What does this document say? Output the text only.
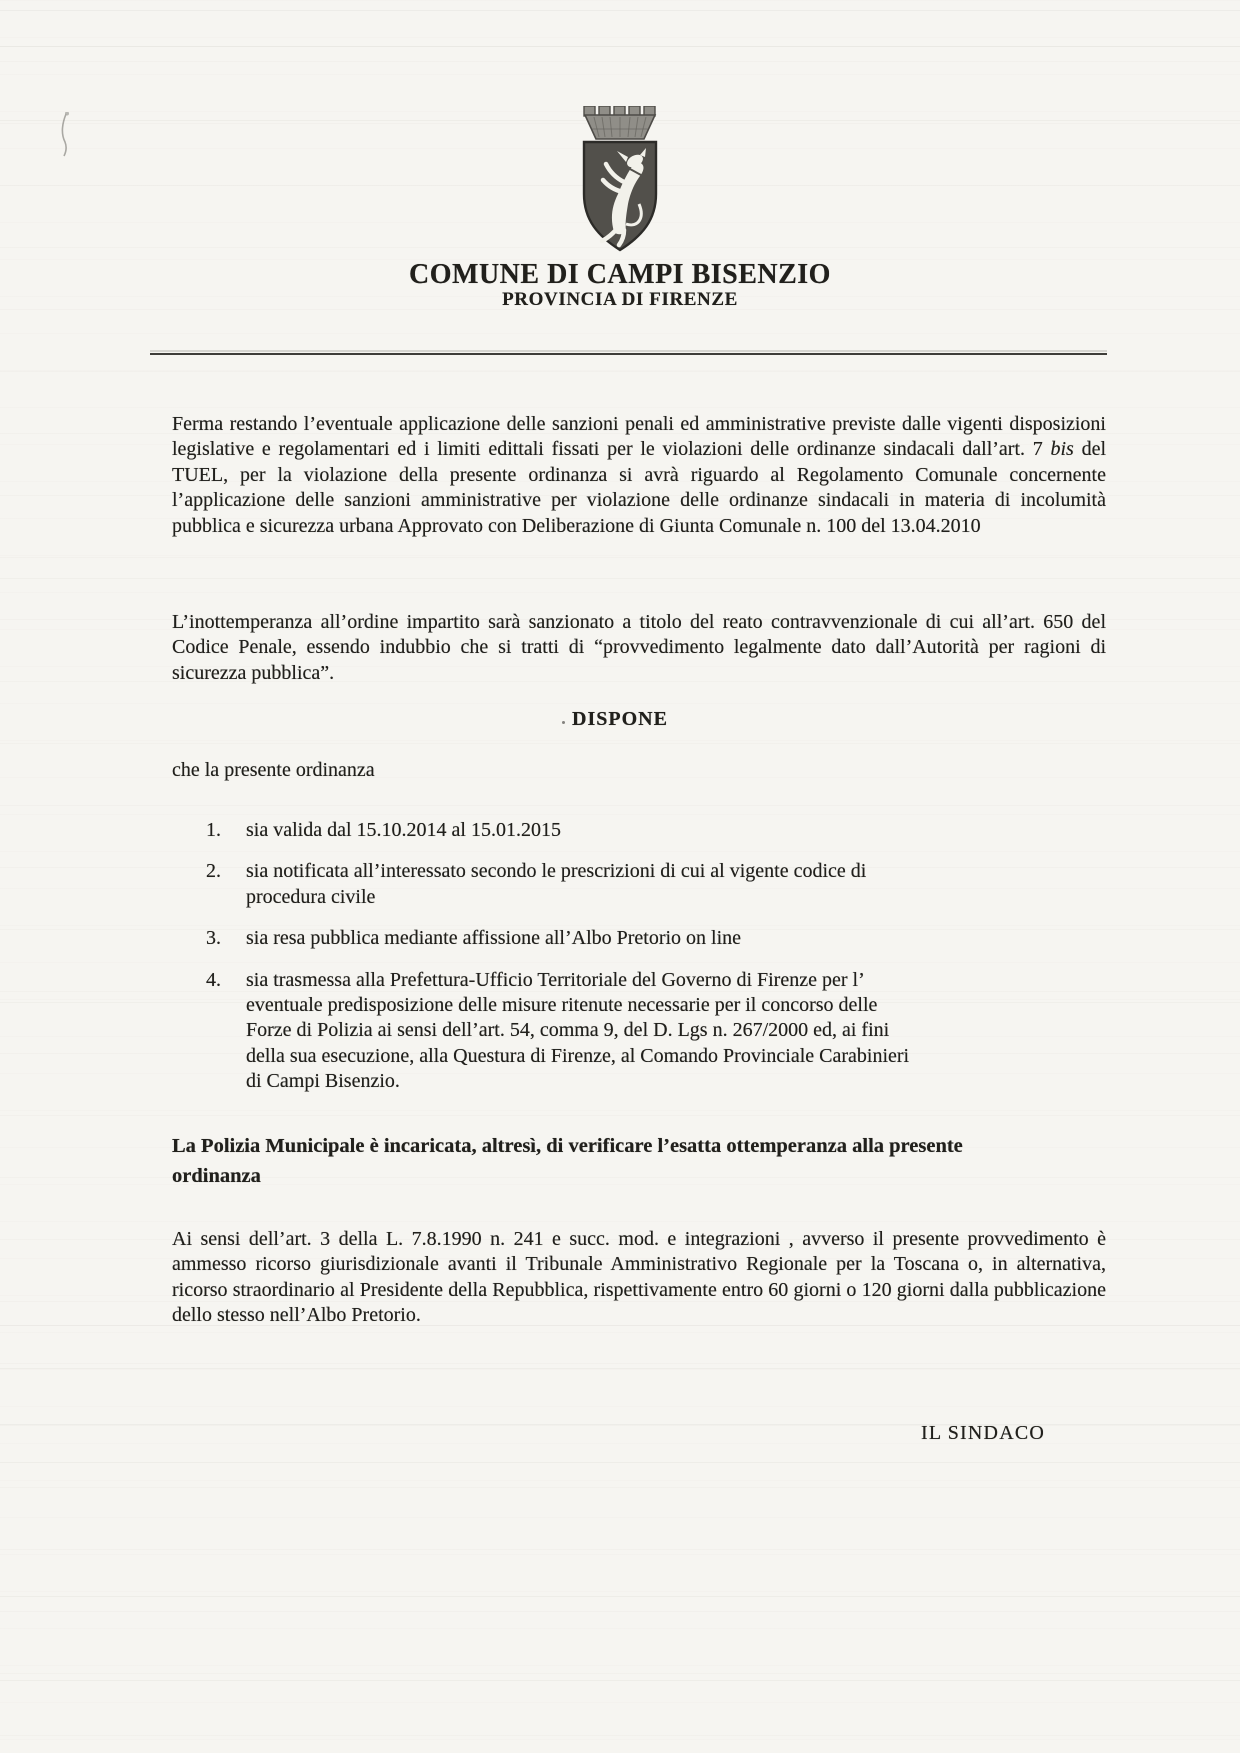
COMUNE DI CAMPI BISENZIO
PROVINCIA DI FIRENZE

Ferma restando l’eventuale applicazione delle sanzioni penali ed amministrative previste dalle vigenti disposizioni legislative e regolamentari ed i limiti edittali fissati per le violazioni delle ordinanze sindacali dall’art. 7 bis del TUEL, per la violazione della presente ordinanza si avrà riguardo al Regolamento Comunale concernente l’applicazione delle sanzioni amministrative per violazione delle ordinanze sindacali in materia di incolumità pubblica e sicurezza urbana Approvato con Deliberazione di Giunta Comunale n. 100 del 13.04.2010

L’inottemperanza all’ordine impartito sarà sanzionato a titolo del reato contravvenzionale di cui all’art. 650 del Codice Penale, essendo indubbio che si tratti di “provvedimento legalmente dato dall’Autorità per ragioni di sicurezza pubblica”.

DISPONE
che la presente ordinanza
sia valida dal 15.10.2014 al 15.01.2015
sia notificata all’interessato secondo le prescrizioni di cui al vigente codice di procedura civile
sia resa pubblica mediante affissione all’Albo Pretorio on line
sia trasmessa alla Prefettura-Ufficio Territoriale del Governo di Firenze per l’ eventuale predisposizione delle misure ritenute necessarie per il concorso delle Forze di Polizia ai sensi dell’art. 54, comma 9, del D. Lgs n. 267/2000 ed, ai fini della sua esecuzione, alla Questura di Firenze, al Comando Provinciale Carabinieri di Campi Bisenzio.

La Polizia Municipale è incaricata, altresì, di verificare l’esatta ottemperanza alla presente ordinanza

Ai sensi dell’art. 3 della L. 7.8.1990 n. 241 e succ. mod. e integrazioni , avverso il presente provvedimento è ammesso ricorso giurisdizionale avanti il Tribunale Amministrativo Regionale per la Toscana o, in alternativa, ricorso straordinario al Presidente della Repubblica, rispettivamente entro 60 giorni o 120 giorni dalla pubblicazione dello stesso nell’Albo Pretorio.

IL SINDACO
